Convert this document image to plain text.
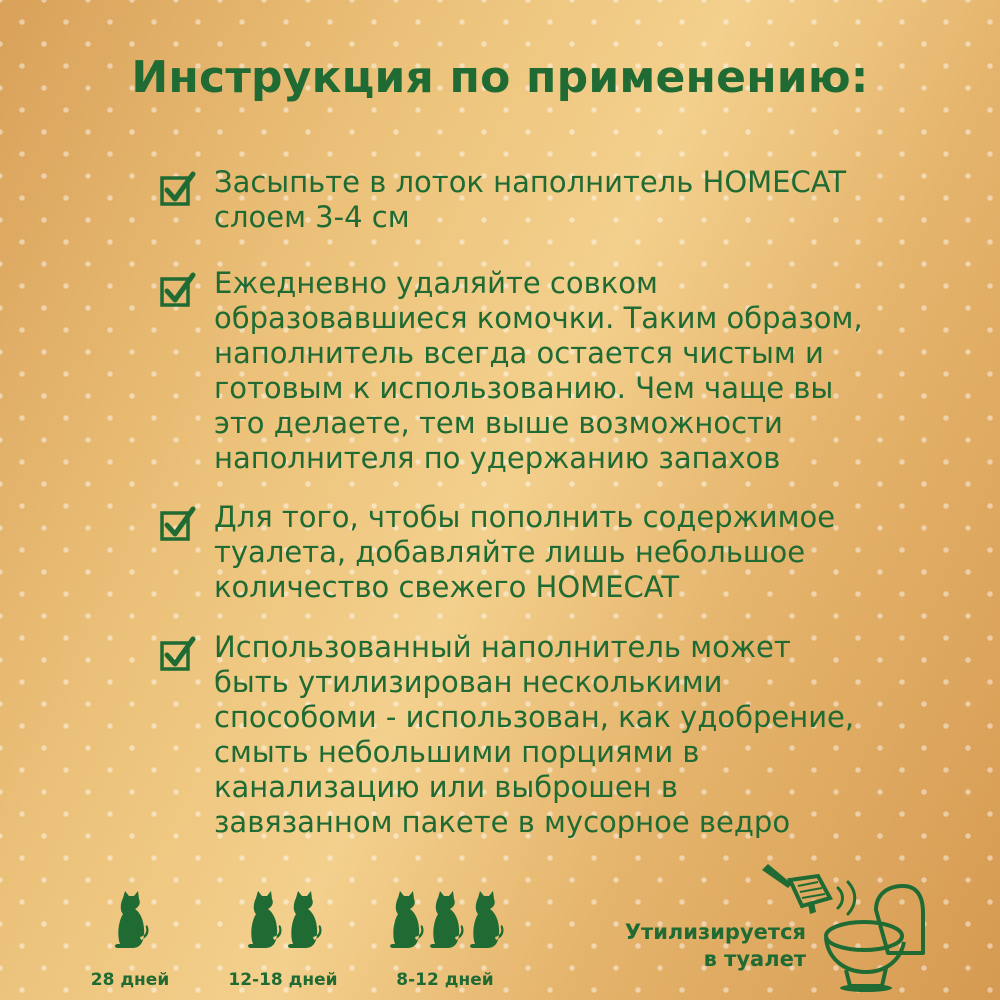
Инструкция по применению:
Засыпьте в лоток наполнитель HOMECAT
слоем 3-4 см
Ежедневно удаляйте совком
образовавшиеся комочки. Таким образом,
наполнитель всегда остается чистым и
готовым к использованию. Чем чаще вы
это делаете, тем выше возможности
наполнителя по удержанию запахов
Для того, чтобы пополнить содержимое
туалета, добавляйте лишь небольшое
количество свежего HOMECAT
Использованный наполнитель может
быть утилизирован несколькими
способоми - использован, как удобрение,
смыть небольшими порциями в
канализацию или выброшен в
завязанном пакете в мусорное ведро
28 дней	12-18 дней	8-12 дней
Утилизируется
в туалет
